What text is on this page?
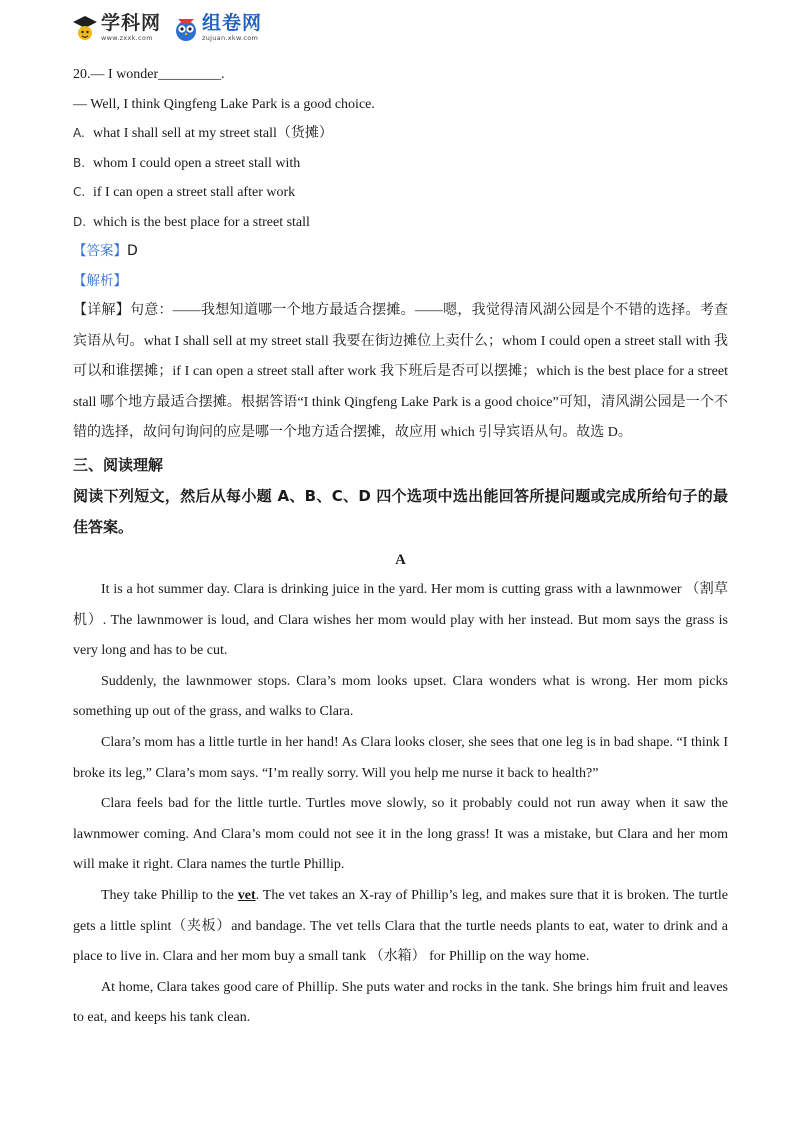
学科网
www.zxxk.com
组卷网
zujuan.xkw.com
20.— I wonder_________.
— Well, I think Qingfeng Lake Park is a good choice.
A. what I shall sell at my street stall（货摊）
B. whom I could open a street stall with
C. if I can open a street stall after work
D. which is the best place for a street stall
【答案】D
【解析】
【详解】句意：——我想知道哪一个地方最适合摆摊。——嗯，我觉得清风湖公园是个不错的选择。考查宾语从句。what I shall sell at my street stall 我要在街边摊位上卖什么；whom I could open a street stall with 我可以和谁摆摊；if I can open a street stall after work 我下班后是否可以摆摊；which is the best place for a street stall 哪个地方最适合摆摊。根据答语“I think Qingfeng Lake Park is a good choice”可知，清风湖公园是一个不错的选择，故问句询问的应是哪一个地方适合摆摊，故应用 which 引导宾语从句。故选 D。
三、阅读理解
阅读下列短文，然后从每小题 A、B、C、D 四个选项中选出能回答所提问题或完成所给句子的最佳答案。
A
It is a hot summer day. Clara is drinking juice in the yard. Her mom is cutting grass with a lawnmower （割草机）. The lawnmower is loud, and Clara wishes her mom would play with her instead. But mom says the grass is very long and has to be cut.
Suddenly, the lawnmower stops. Clara’s mom looks upset. Clara wonders what is wrong. Her mom picks something up out of the grass, and walks to Clara.
Clara’s mom has a little turtle in her hand! As Clara looks closer, she sees that one leg is in bad shape. “I think I broke its leg,” Clara’s mom says. “I’m really sorry. Will you help me nurse it back to health?”
Clara feels bad for the little turtle. Turtles move slowly, so it probably could not run away when it saw the lawnmower coming. And Clara’s mom could not see it in the long grass! It was a mistake, but Clara and her mom will make it right. Clara names the turtle Phillip.
They take Phillip to the vet. The vet takes an X-ray of Phillip’s leg, and makes sure that it is broken. The turtle gets a little splint（夹板）and bandage. The vet tells Clara that the turtle needs plants to eat, water to drink and a place to live in. Clara and her mom buy a small tank （水箱） for Phillip on the way home.
At home, Clara takes good care of Phillip. She puts water and rocks in the tank. She brings him fruit and leaves to eat, and keeps his tank clean.
